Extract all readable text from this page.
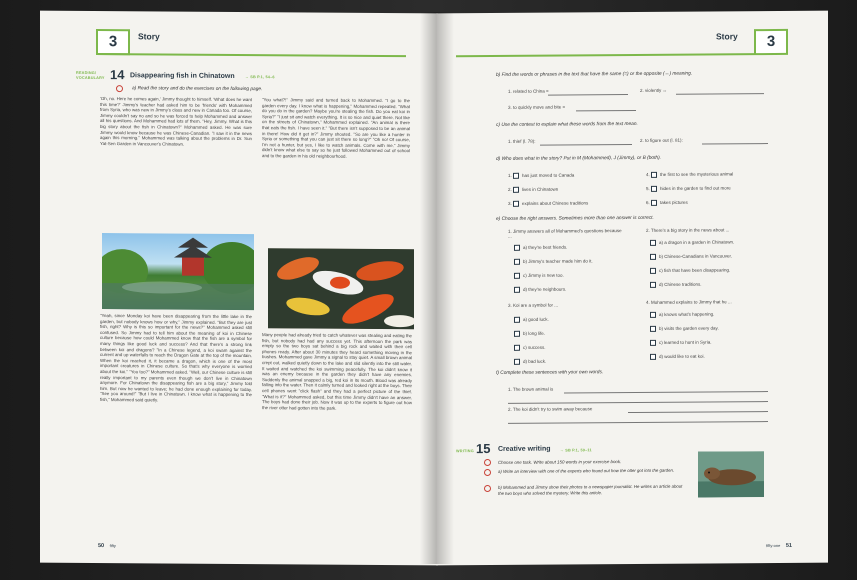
3	Story
READING/ VOCABULARY 14 Disappearing fish in Chinatown	→ SB P.1, 54–6
a) Read the story and do the exercises on the following page.
'Oh, no. Here he comes again,' Jimmy thought to himself. 'What does he want this time?' Jimmy's teacher had asked him to be 'friends' with Mohammed from Syria, who was new in Jimmy's class and new in Canada too. Of course, Jimmy couldn't say no and so he was forced to help Mohammed and answer all his questions. And Mohammed had lots of them. "Hey, Jimmy. What is this big story about the fish in Chinatown?" Mohammed asked. He was sure Jimmy would know because he was Chinese-Canadian. "I saw it in the news again this morning." Mohammed was talking about the problems in Dr. Sun Yat-Sen Garden in Vancouver's Chinatown.
"You what?!" Jimmy said and turned back to Mohammed. "I go to the garden every day. I know what is happening," Mohammed repeated. "What do you do in the garden? Maybe you're stealing the fish. Do you eat koi in Syria?" "I just sit and watch everything. It is so nice and quiet there. Not like on the streets of Chinatown," Mohammed explained. "An animal is there that eats the fish. I have seen it." "But there isn't supposed to be an animal in there! How did it get in?" Jimmy shouted. "So are you like a hunter in Syria or something that you can just sit there so long?" "Oh no! Of course, I'm not a hunter, but yes, I like to watch animals. Come with me." Jimmy didn't know what else to say so he just followed Mohammed out of school and to the garden in his old neighbourhood.
"Yeah, since Monday koi have been disappearing from the little lake in the garden, but nobody knows how or why," Jimmy explained. "But they are just fish, right? Why is this so important for the news?" Mohammed asked still confused. So Jimmy had to tell him about the meaning of koi in Chinese culture because how could Mohammed know that the fish are a symbol for many things like good luck and success? And that there's a strong link between koi and dragons? "In a Chinese legend, a koi swam against the current and up waterfalls to reach the Dragon Gate at the top of the mountain. When the koi reached it, it became a dragon, which is one of the most important creatures in Chinese culture. So that's why everyone is worried about the koi." "You too?" Mohammed asked. "Well, our Chinese culture is still really important to my parents even though we don't live in Chinatown anymore. For Chinatown the disappearing fish are a big story," Jimmy told him. But now he wanted to leave; he had done enough explaining for today. "See you around!" "But I live in Chinatown. I know what is happening to the fish," Mohammed said quietly.
Many people had already tried to catch whatever was stealing and eating the fish, but nobody had had any success yet. This afternoon the park was empty so the two boys sat behind a big rock and waited with their cell phones ready. After about 30 minutes they heard something moving in the bushes. Mohammed gave Jimmy a signal to stay quiet. A small brown animal crept out, walked quietly down to the lake and slid silently into the still water. It waited and watched the koi swimming peacefully. The koi didn't know it was an enemy because in the garden they didn't have any enemies. Suddenly the animal snapped a big, red koi in its mouth. Blood was already falling into the water. Then it calmly turned and looked right at the boys. Their cell phones went "click flash" and they had a perfect picture of the thief. "What is it?" Mohammed asked, but this time Jimmy didn't have an answer. The boys had done their job. Now it was up to the experts to figure out how the river otter had gotten into the park.
50 fifty
Story	3
b) Find the words or phrases in the text that have the same (=) or the opposite (↔) meaning.
1. related to China =	2. violently ↔
3. to quickly move and bite =
c) Use the context to explain what these words from the text mean.
1. thief (l. 78):	2. to figure out (l. 81):
d) Who does what in the story? Put in M (Mohammed), J (Jimmy), or B (both).
1. has just moved to Canada
2. lives in Chinatown
3. explains about Chinese traditions
4. the first to see the mysterious animal
5. hides in the garden to find out more
6. takes pictures
e) Choose the right answers. Sometimes more than one answer is correct.
1. Jimmy answers all of Mohammed's questions because ...
a) they're best friends.
b) Jimmy's teacher made him do it.
c) Jimmy is new too.
d) they're neighbours.
2. There's a big story in the news about ...
a) a dragon in a garden in Chinatown.
b) Chinese-Canadians in Vancouver.
c) fish that have been disappearing.
d) Chinese traditions.
3. Koi are a symbol for ...
a) good luck.
b) long life.
c) success.
d) bad luck.
4. Mohammed explains to Jimmy that he ...
a) knows what's happening.
b) visits the garden every day.
c) learned to hunt in Syria.
d) would like to eat koi.
f) Complete these sentences with your own words.
1. The brown animal is
2. The koi didn't try to swim away because
WRITING 15 Creative writing → SB P.1, 59–11
Choose one task. Write about 150 words in your exercise book.
a) Write an interview with one of the experts who found out how the otter got into the garden.
b) Mohammed and Jimmy show their photos to a newspaper journalist. He writes an article about the two boys who solved the mystery. Write this article.
fifty-one 51
